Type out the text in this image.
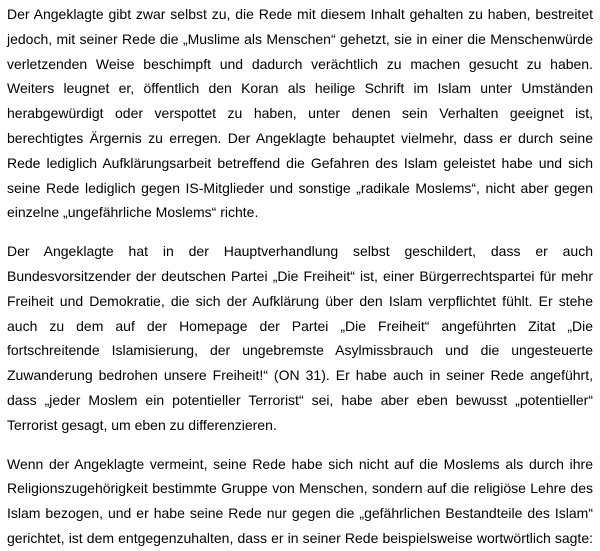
Der Angeklagte gibt zwar selbst zu, die Rede mit diesem Inhalt gehalten zu haben, bestreitet
jedoch, mit seiner Rede die „Muslime als Menschen“ gehetzt, sie in einer die Menschenwürde
verletzenden Weise beschimpft und dadurch verächtlich zu machen gesucht zu haben.
Weiters leugnet er, öffentlich den Koran als heilige Schrift im Islam unter Umständen
herabgewürdigt oder verspottet zu haben, unter denen sein Verhalten geeignet ist,
berechtigtes Ärgernis zu erregen. Der Angeklagte behauptet vielmehr, dass er durch seine
Rede lediglich Aufklärungsarbeit betreffend die Gefahren des Islam geleistet habe und sich
seine Rede lediglich gegen IS-Mitglieder und sonstige „radikale Moslems“, nicht aber gegen
einzelne „ungefährliche Moslems“ richte.

Der Angeklagte hat in der Hauptverhandlung selbst geschildert, dass er auch
Bundesvorsitzender der deutschen Partei „Die Freiheit“ ist, einer Bürgerrechtspartei für mehr
Freiheit und Demokratie, die sich der Aufklärung über den Islam verpflichtet fühlt. Er stehe
auch zu dem auf der Homepage der Partei „Die Freiheit“ angeführten Zitat „Die
fortschreitende Islamisierung, der ungebremste Asylmissbrauch und die ungesteuerte
Zuwanderung bedrohen unsere Freiheit!“ (ON 31). Er habe auch in seiner Rede angeführt,
dass „jeder Moslem ein potentieller Terrorist“ sei, habe aber eben bewusst „potentieller“
Terrorist gesagt, um eben zu differenzieren.

Wenn der Angeklagte vermeint, seine Rede habe sich nicht auf die Moslems als durch ihre
Religionszugehörigkeit bestimmte Gruppe von Menschen, sondern auf die religiöse Lehre des
Islam bezogen, und er habe seine Rede nur gegen die „gefährlichen Bestandteile des Islam“
gerichtet, ist dem entgegenzuhalten, dass er in seiner Rede beispielsweise wortwörtlich sagte:
